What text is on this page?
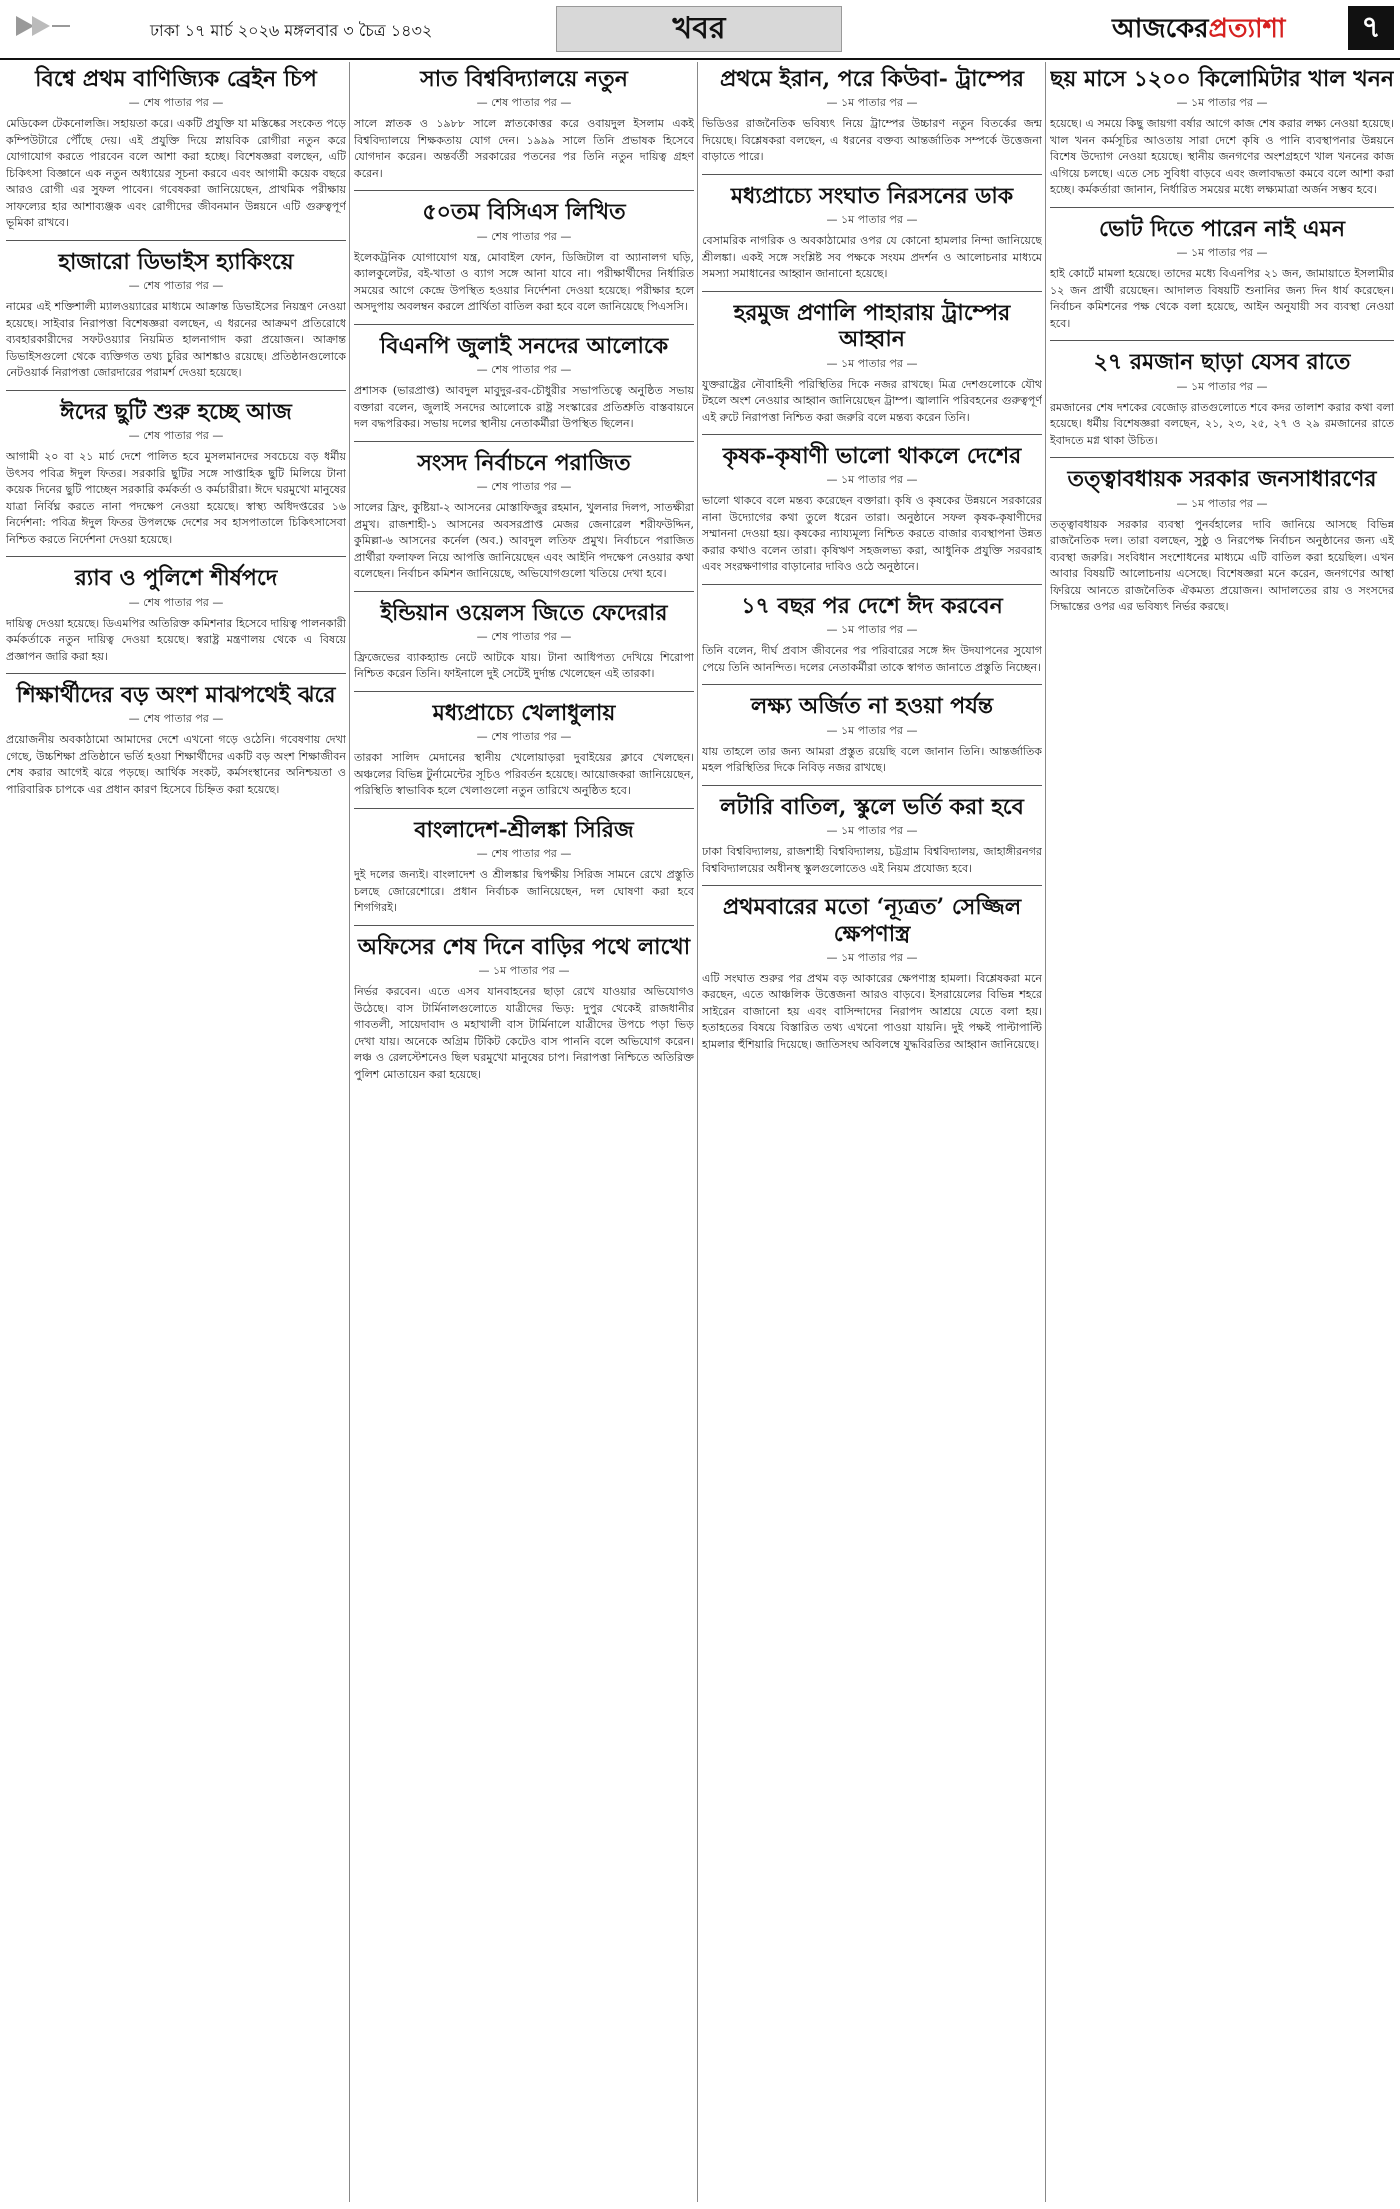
ঢাকা ১৭ মার্চ ২০২৬ মঙ্গলবার ৩ চৈত্র ১৪৩২	খবর	আজকেরপ্রত্যাশা	৭
বিশ্বে প্রথম বাণিজ্যিক ব্রেইন চিপ
— শেষ পাতার পর —
মেডিকেল টেকনোলজি। সহায়তা করে। একটি প্রযুক্তি যা মস্তিষ্কের সংকেত পড়ে কম্পিউটারে পৌঁছে দেয়। এই প্রযুক্তি দিয়ে স্নায়বিক রোগীরা নতুন করে যোগাযোগ করতে পারবেন বলে আশা করা হচ্ছে। বিশেষজ্ঞরা বলছেন, এটি চিকিৎসা বিজ্ঞানে এক নতুন অধ্যায়ের সূচনা করবে এবং আগামী কয়েক বছরে আরও রোগী এর সুফল পাবেন। গবেষকরা জানিয়েছেন, প্রাথমিক পরীক্ষায় সাফল্যের হার আশাব্যঞ্জক এবং রোগীদের জীবনমান উন্নয়নে এটি গুরুত্বপূর্ণ ভূমিকা রাখবে।
হাজারো ডিভাইস হ্যাকিংয়ে
— শেষ পাতার পর —
নামের এই শক্তিশালী ম্যালওয়্যারের মাধ্যমে আক্রান্ত ডিভাইসের নিয়ন্ত্রণ নেওয়া হয়েছে। সাইবার নিরাপত্তা বিশেষজ্ঞরা বলছেন, এ ধরনের আক্রমণ প্রতিরোধে ব্যবহারকারীদের সফটওয়্যার নিয়মিত হালনাগাদ করা প্রয়োজন। আক্রান্ত ডিভাইসগুলো থেকে ব্যক্তিগত তথ্য চুরির আশঙ্কাও রয়েছে। প্রতিষ্ঠানগুলোকে নেটওয়ার্ক নিরাপত্তা জোরদারের পরামর্শ দেওয়া হয়েছে।
ঈদের ছুটি শুরু হচ্ছে আজ
— শেষ পাতার পর —
আগামী ২০ বা ২১ মার্চ দেশে পালিত হবে মুসলমানদের সবচেয়ে বড় ধর্মীয় উৎসব পবিত্র ঈদুল ফিতর। সরকারি ছুটির সঙ্গে সাপ্তাহিক ছুটি মিলিয়ে টানা কয়েক দিনের ছুটি পাচ্ছেন সরকারি কর্মকর্তা ও কর্মচারীরা। ঈদে ঘরমুখো মানুষের যাত্রা নির্বিঘ্ন করতে নানা পদক্ষেপ নেওয়া হয়েছে। স্বাস্থ্য অধিদপ্তরের ১৬ নির্দেশনা: পবিত্র ঈদুল ফিতর উপলক্ষে দেশের সব হাসপাতালে চিকিৎসাসেবা নিশ্চিত করতে নির্দেশনা দেওয়া হয়েছে।
র‌্যাব ও পুলিশে শীর্ষপদে
— শেষ পাতার পর —
দায়িত্ব দেওয়া হয়েছে। ডিএমপির অতিরিক্ত কমিশনার হিসেবে দায়িত্ব পালনকারী কর্মকর্তাকে নতুন দায়িত্ব দেওয়া হয়েছে। স্বরাষ্ট্র মন্ত্রণালয় থেকে এ বিষয়ে প্রজ্ঞাপন জারি করা হয়।
শিক্ষার্থীদের বড় অংশ মাঝপথেই ঝরে
— শেষ পাতার পর —
প্রয়োজনীয় অবকাঠামো আমাদের দেশে এখনো গড়ে ওঠেনি। গবেষণায় দেখা গেছে, উচ্চশিক্ষা প্রতিষ্ঠানে ভর্তি হওয়া শিক্ষার্থীদের একটি বড় অংশ শিক্ষাজীবন শেষ করার আগেই ঝরে পড়ছে। আর্থিক সংকট, কর্মসংস্থানের অনিশ্চয়তা ও পারিবারিক চাপকে এর প্রধান কারণ হিসেবে চিহ্নিত করা হয়েছে।
সাত বিশ্ববিদ্যালয়ে নতুন
— শেষ পাতার পর —
সালে স্নাতক ও ১৯৮৮ সালে স্নাতকোত্তর করে ওবায়দুল ইসলাম একই বিশ্ববিদ্যালয়ে শিক্ষকতায় যোগ দেন। ১৯৯৯ সালে তিনি প্রভাষক হিসেবে যোগদান করেন। অন্তর্বর্তী সরকারের পতনের পর তিনি নতুন দায়িত্ব গ্রহণ করেন।
৫০তম বিসিএস লিখিত
— শেষ পাতার পর —
ইলেকট্রনিক যোগাযোগ যন্ত্র, মোবাইল ফোন, ডিজিটাল বা অ্যানালগ ঘড়ি, ক্যালকুলেটর, বই-খাতা ও ব্যাগ সঙ্গে আনা যাবে না। পরীক্ষার্থীদের নির্ধারিত সময়ের আগে কেন্দ্রে উপস্থিত হওয়ার নির্দেশনা দেওয়া হয়েছে। পরীক্ষার হলে অসদুপায় অবলম্বন করলে প্রার্থিতা বাতিল করা হবে বলে জানিয়েছে পিএসসি।
বিএনপি জুলাই সনদের আলোকে
— শেষ পাতার পর —
প্রশাসক (ভারপ্রাপ্ত) আবদুল মাবুদুর-রব-চৌধুরীর সভাপতিত্বে অনুষ্ঠিত সভায় বক্তারা বলেন, জুলাই সনদের আলোকে রাষ্ট্র সংস্কারের প্রতিশ্রুতি বাস্তবায়নে দল বদ্ধপরিকর। সভায় দলের স্থানীয় নেতাকর্মীরা উপস্থিত ছিলেন।
সংসদ নির্বাচনে পরাজিত
— শেষ পাতার পর —
সালের ফ্রিং, কুষ্টিয়া-২ আসনের মোস্তাফিজুর রহমান, খুলনার দিলপ, সাতক্ষীরা প্রমুখ। রাজশাহী-১ আসনের অবসরপ্রাপ্ত মেজর জেনারেল শরীফউদ্দিন, কুমিল্লা-৬ আসনের কর্নেল (অব.) আবদুল লতিফ প্রমুখ। নির্বাচনে পরাজিত প্রার্থীরা ফলাফল নিয়ে আপত্তি জানিয়েছেন এবং আইনি পদক্ষেপ নেওয়ার কথা বলেছেন। নির্বাচন কমিশন জানিয়েছে, অভিযোগগুলো খতিয়ে দেখা হবে।
ইন্ডিয়ান ওয়েলস জিতে ফেদেরার
— শেষ পাতার পর —
ফ্রিজেভের ব্যাকহ্যান্ড নেটে আটকে যায়। টানা আধিপত্য দেখিয়ে শিরোপা নিশ্চিত করেন তিনি। ফাইনালে দুই সেটেই দুর্দান্ত খেলেছেন এই তারকা।
মধ্যপ্রাচ্যে খেলাধুলায়
— শেষ পাতার পর —
তারকা সালিদ মেদানের স্থানীয় খেলোয়াড়রা দুবাইয়ের ক্লাবে খেলছেন। অঞ্চলের বিভিন্ন টুর্নামেন্টের সূচিও পরিবর্তন হয়েছে। আয়োজকরা জানিয়েছেন, পরিস্থিতি স্বাভাবিক হলে খেলাগুলো নতুন তারিখে অনুষ্ঠিত হবে।
বাংলাদেশ-শ্রীলঙ্কা সিরিজ
— শেষ পাতার পর —
দুই দলের জন্যই। বাংলাদেশ ও শ্রীলঙ্কার দ্বিপক্ষীয় সিরিজ সামনে রেখে প্রস্তুতি চলছে জোরেশোরে। প্রধান নির্বাচক জানিয়েছেন, দল ঘোষণা করা হবে শিগগিরই।
অফিসের শেষ দিনে বাড়ির পথে লাখো
— ১ম পাতার পর —
নির্ভর করবেন। এতে এসব যানবাহনের ছাড়া রেখে যাওয়ার অভিযোগও উঠেছে। বাস টার্মিনালগুলোতে যাত্রীদের ভিড়: দুপুর থেকেই রাজধানীর গাবতলী, সায়েদাবাদ ও মহাখালী বাস টার্মিনালে যাত্রীদের উপচে পড়া ভিড় দেখা যায়। অনেকে অগ্রিম টিকিট কেটেও বাস পাননি বলে অভিযোগ করেন। লঞ্চ ও রেলস্টেশনেও ছিল ঘরমুখো মানুষের চাপ। নিরাপত্তা নিশ্চিতে অতিরিক্ত পুলিশ মোতায়েন করা হয়েছে।
প্রথমে ইরান, পরে কিউবা- ট্রাম্পের
— ১ম পাতার পর —
ভিডিওর রাজনৈতিক ভবিষ্যৎ নিয়ে ট্রাম্পের উচ্চারণ নতুন বিতর্কের জন্ম দিয়েছে। বিশ্লেষকরা বলছেন, এ ধরনের বক্তব্য আন্তর্জাতিক সম্পর্কে উত্তেজনা বাড়াতে পারে।
মধ্যপ্রাচ্যে সংঘাত নিরসনের ডাক
— ১ম পাতার পর —
বেসামরিক নাগরিক ও অবকাঠামোর ওপর যে কোনো হামলার নিন্দা জানিয়েছে শ্রীলঙ্কা। একই সঙ্গে সংশ্লিষ্ট সব পক্ষকে সংযম প্রদর্শন ও আলোচনার মাধ্যমে সমস্যা সমাধানের আহ্বান জানানো হয়েছে।
হরমুজ প্রণালি পাহারায় ট্রাম্পের আহ্বান
— ১ম পাতার পর —
যুক্তরাষ্ট্রের নৌবাহিনী পরিস্থিতির দিকে নজর রাখছে। মিত্র দেশগুলোকে যৌথ টহলে অংশ নেওয়ার আহ্বান জানিয়েছেন ট্রাম্প। জ্বালানি পরিবহনের গুরুত্বপূর্ণ এই রুটে নিরাপত্তা নিশ্চিত করা জরুরি বলে মন্তব্য করেন তিনি।
কৃষক-কৃষাণী ভালো থাকলে দেশের
— ১ম পাতার পর —
ভালো থাকবে বলে মন্তব্য করেছেন বক্তারা। কৃষি ও কৃষকের উন্নয়নে সরকারের নানা উদ্যোগের কথা তুলে ধরেন তারা। অনুষ্ঠানে সফল কৃষক-কৃষাণীদের সম্মাননা দেওয়া হয়। কৃষকের ন্যায্যমূল্য নিশ্চিত করতে বাজার ব্যবস্থাপনা উন্নত করার কথাও বলেন তারা। কৃষিঋণ সহজলভ্য করা, আধুনিক প্রযুক্তি সরবরাহ এবং সংরক্ষণাগার বাড়ানোর দাবিও ওঠে অনুষ্ঠানে।
১৭ বছর পর দেশে ঈদ করবেন
— ১ম পাতার পর —
তিনি বলেন, দীর্ঘ প্রবাস জীবনের পর পরিবারের সঙ্গে ঈদ উদযাপনের সুযোগ পেয়ে তিনি আনন্দিত। দলের নেতাকর্মীরা তাকে স্বাগত জানাতে প্রস্তুতি নিচ্ছেন।
লক্ষ্য অর্জিত না হওয়া পর্যন্ত
— ১ম পাতার পর —
যায় তাহলে তার জন্য আমরা প্রস্তুত রয়েছি বলে জানান তিনি। আন্তর্জাতিক মহল পরিস্থিতির দিকে নিবিড় নজর রাখছে।
লটারি বাতিল, স্কুলে ভর্তি করা হবে
— ১ম পাতার পর —
ঢাকা বিশ্ববিদ্যালয়, রাজশাহী বিশ্ববিদ্যালয়, চট্টগ্রাম বিশ্ববিদ্যালয়, জাহাঙ্গীরনগর বিশ্ববিদ্যালয়ের অধীনস্থ স্কুলগুলোতেও এই নিয়ম প্রযোজ্য হবে।
প্রথমবারের মতো ‘ন্যূত্রত’ সেজ্জিল ক্ষেপণাস্ত্র
— ১ম পাতার পর —
এটি সংঘাত শুরুর পর প্রথম বড় আকারের ক্ষেপণাস্ত্র হামলা। বিশ্লেষকরা মনে করছেন, এতে আঞ্চলিক উত্তেজনা আরও বাড়বে। ইসরায়েলের বিভিন্ন শহরে সাইরেন বাজানো হয় এবং বাসিন্দাদের নিরাপদ আশ্রয়ে যেতে বলা হয়। হতাহতের বিষয়ে বিস্তারিত তথ্য এখনো পাওয়া যায়নি। দুই পক্ষই পাল্টাপাল্টি হামলার হুঁশিয়ারি দিয়েছে। জাতিসংঘ অবিলম্বে যুদ্ধবিরতির আহ্বান জানিয়েছে।
ছয় মাসে ১২০০ কিলোমিটার খাল খনন
— ১ম পাতার পর —
হয়েছে। এ সময়ে কিছু জায়গা বর্ষার আগে কাজ শেষ করার লক্ষ্য নেওয়া হয়েছে। খাল খনন কর্মসূচির আওতায় সারা দেশে কৃষি ও পানি ব্যবস্থাপনার উন্নয়নে বিশেষ উদ্যোগ নেওয়া হয়েছে। স্থানীয় জনগণের অংশগ্রহণে খাল খননের কাজ এগিয়ে চলছে। এতে সেচ সুবিধা বাড়বে এবং জলাবদ্ধতা কমবে বলে আশা করা হচ্ছে। কর্মকর্তারা জানান, নির্ধারিত সময়ের মধ্যে লক্ষ্যমাত্রা অর্জন সম্ভব হবে।
ভোট দিতে পারেন নাই এমন
— ১ম পাতার পর —
হাই কোর্টে মামলা হয়েছে। তাদের মধ্যে বিএনপির ২১ জন, জামায়াতে ইসলামীর ১২ জন প্রার্থী রয়েছেন। আদালত বিষয়টি শুনানির জন্য দিন ধার্য করেছেন। নির্বাচন কমিশনের পক্ষ থেকে বলা হয়েছে, আইন অনুযায়ী সব ব্যবস্থা নেওয়া হবে।
২৭ রমজান ছাড়া যেসব রাতে
— ১ম পাতার পর —
রমজানের শেষ দশকের বেজোড় রাতগুলোতে শবে কদর তালাশ করার কথা বলা হয়েছে। ধর্মীয় বিশেষজ্ঞরা বলছেন, ২১, ২৩, ২৫, ২৭ ও ২৯ রমজানের রাতে ইবাদতে মগ্ন থাকা উচিত।
তত্ত্বাবধায়ক সরকার জনসাধারণের
— ১ম পাতার পর —
তত্ত্বাবধায়ক সরকার ব্যবস্থা পুনর্বহালের দাবি জানিয়ে আসছে বিভিন্ন রাজনৈতিক দল। তারা বলছেন, সুষ্ঠু ও নিরপেক্ষ নির্বাচন অনুষ্ঠানের জন্য এই ব্যবস্থা জরুরি। সংবিধান সংশোধনের মাধ্যমে এটি বাতিল করা হয়েছিল। এখন আবার বিষয়টি আলোচনায় এসেছে। বিশেষজ্ঞরা মনে করেন, জনগণের আস্থা ফিরিয়ে আনতে রাজনৈতিক ঐকমত্য প্রয়োজন। আদালতের রায় ও সংসদের সিদ্ধান্তের ওপর এর ভবিষ্যৎ নির্ভর করছে।
